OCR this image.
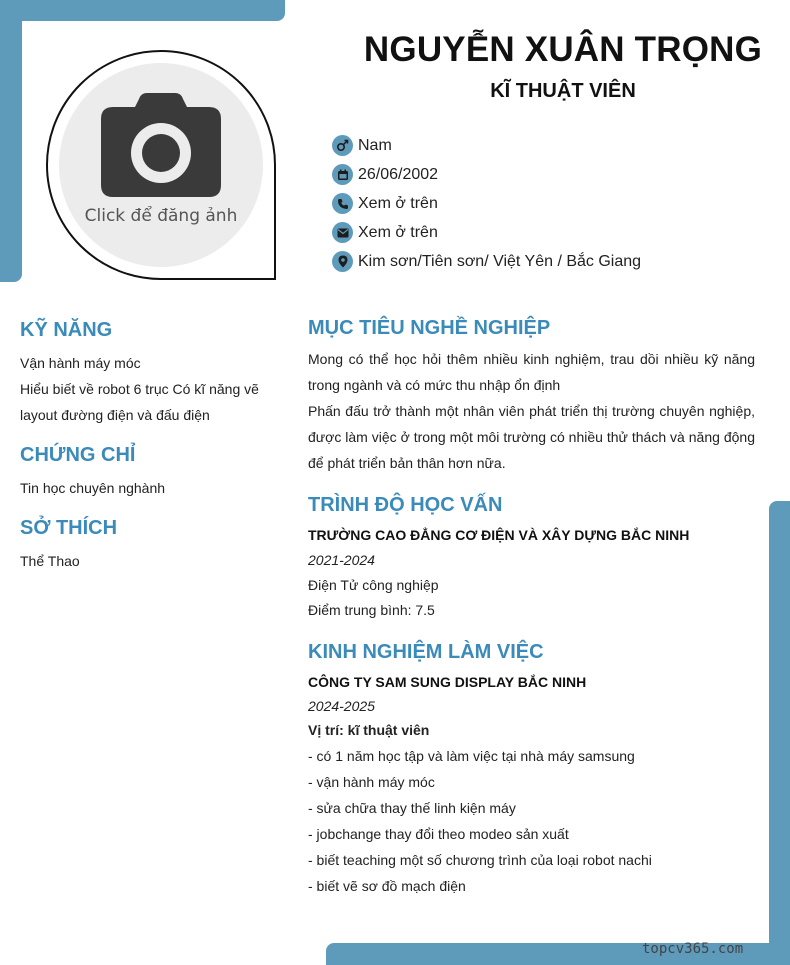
Click để đăng ảnh
NGUYỄN XUÂN TRỌNG
KĨ THUẬT VIÊN
Nam
26/06/2002
Xem ở trên
Xem ở trên
Kim sơn/Tiên sơn/ Việt Yên / Bắc Giang
KỸ NĂNG
Vận hành máy móc
Hiểu biết về robot 6 trục Có kĩ năng vẽ
layout đường điện và đấu điện
CHỨNG CHỈ
Tin học chuyên nghành
SỞ THÍCH
Thể Thao
MỤC TIÊU NGHỀ NGHIỆP
Mong có thể học hỏi thêm nhiều kinh nghiệm, trau dồi nhiều kỹ năng trong ngành và có mức thu nhập ổn định
Phấn đấu trở thành một nhân viên phát triển thị trường chuyên nghiệp, được làm việc ở trong một môi trường có nhiều thử thách và năng động để phát triển bản thân hơn nữa.
TRÌNH ĐỘ HỌC VẤN
TRƯỜNG CAO ĐẲNG CƠ ĐIỆN VÀ XÂY DỰNG BẮC NINH
2021-2024
Điện Tử công nghiệp
Điểm trung bình: 7.5
KINH NGHIỆM LÀM VIỆC
CÔNG TY SAM SUNG DISPLAY BẮC NINH
2024-2025
Vị trí: kĩ thuật viên
- có 1 năm học tập và làm việc tại nhà máy samsung
- vận hành máy móc
- sửa chữa thay thế linh kiện máy
- jobchange thay đổi theo modeo sản xuất
- biết teaching một số chương trình của loại robot nachi
- biết vẽ sơ đồ mạch điện
topcv365.com
